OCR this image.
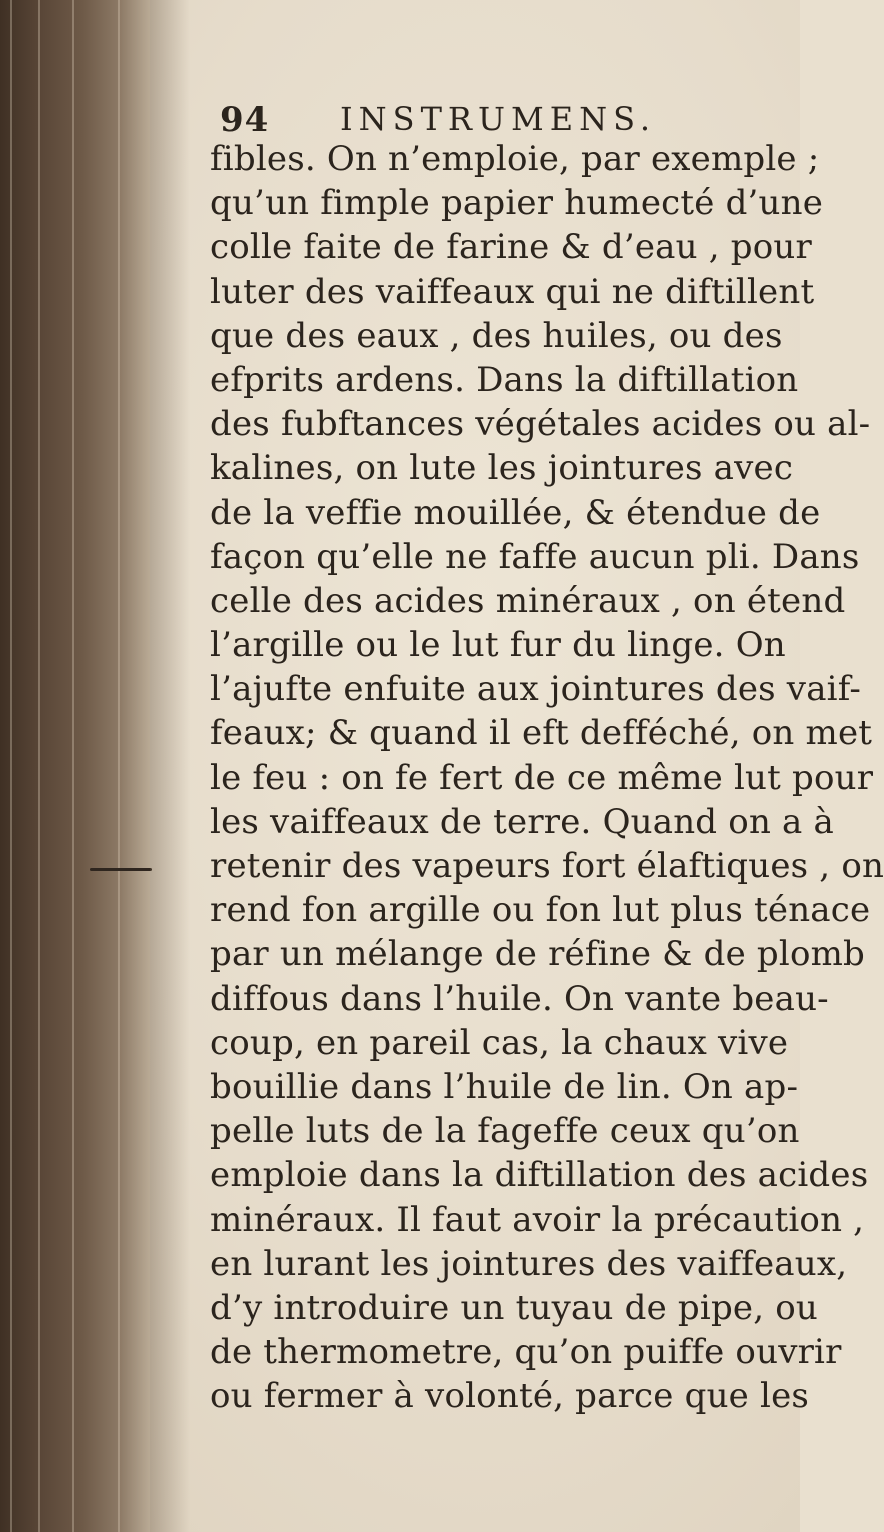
94 INSTRUMENS.
fibles. On n’emploie, par exemple ;
qu’un fimple papier humecté d’une
colle faite de farine & d’eau , pour
luter des vaiffeaux qui ne diftillent
que des eaux , des huiles, ou des
efprits ardens. Dans la diftillation
des fubftances végétales acides ou al-
kalines, on lute les jointures avec
de la veffie mouillée, & étendue de
façon qu’elle ne faffe aucun pli. Dans
celle des acides minéraux , on étend
l’argille ou le lut fur du linge. On
l’ajufte enfuite aux jointures des vaif-
feaux; & quand il eft defféché, on met
le feu : on fe fert de ce même lut pour
les vaiffeaux de terre. Quand on a à
retenir des vapeurs fort élaftiques , on
rend fon argille ou fon lut plus ténace
par un mélange de réfine & de plomb
diffous dans l’huile. On vante beau-
coup, en pareil cas, la chaux vive
bouillie dans l’huile de lin. On ap-
pelle luts de la fageffe ceux qu’on
emploie dans la diftillation des acides
minéraux. Il faut avoir la précaution ,
en lurant les jointures des vaiffeaux,
d’y introduire un tuyau de pipe, ou
de thermometre, qu’on puiffe ouvrir
ou fermer à volonté, parce que les
